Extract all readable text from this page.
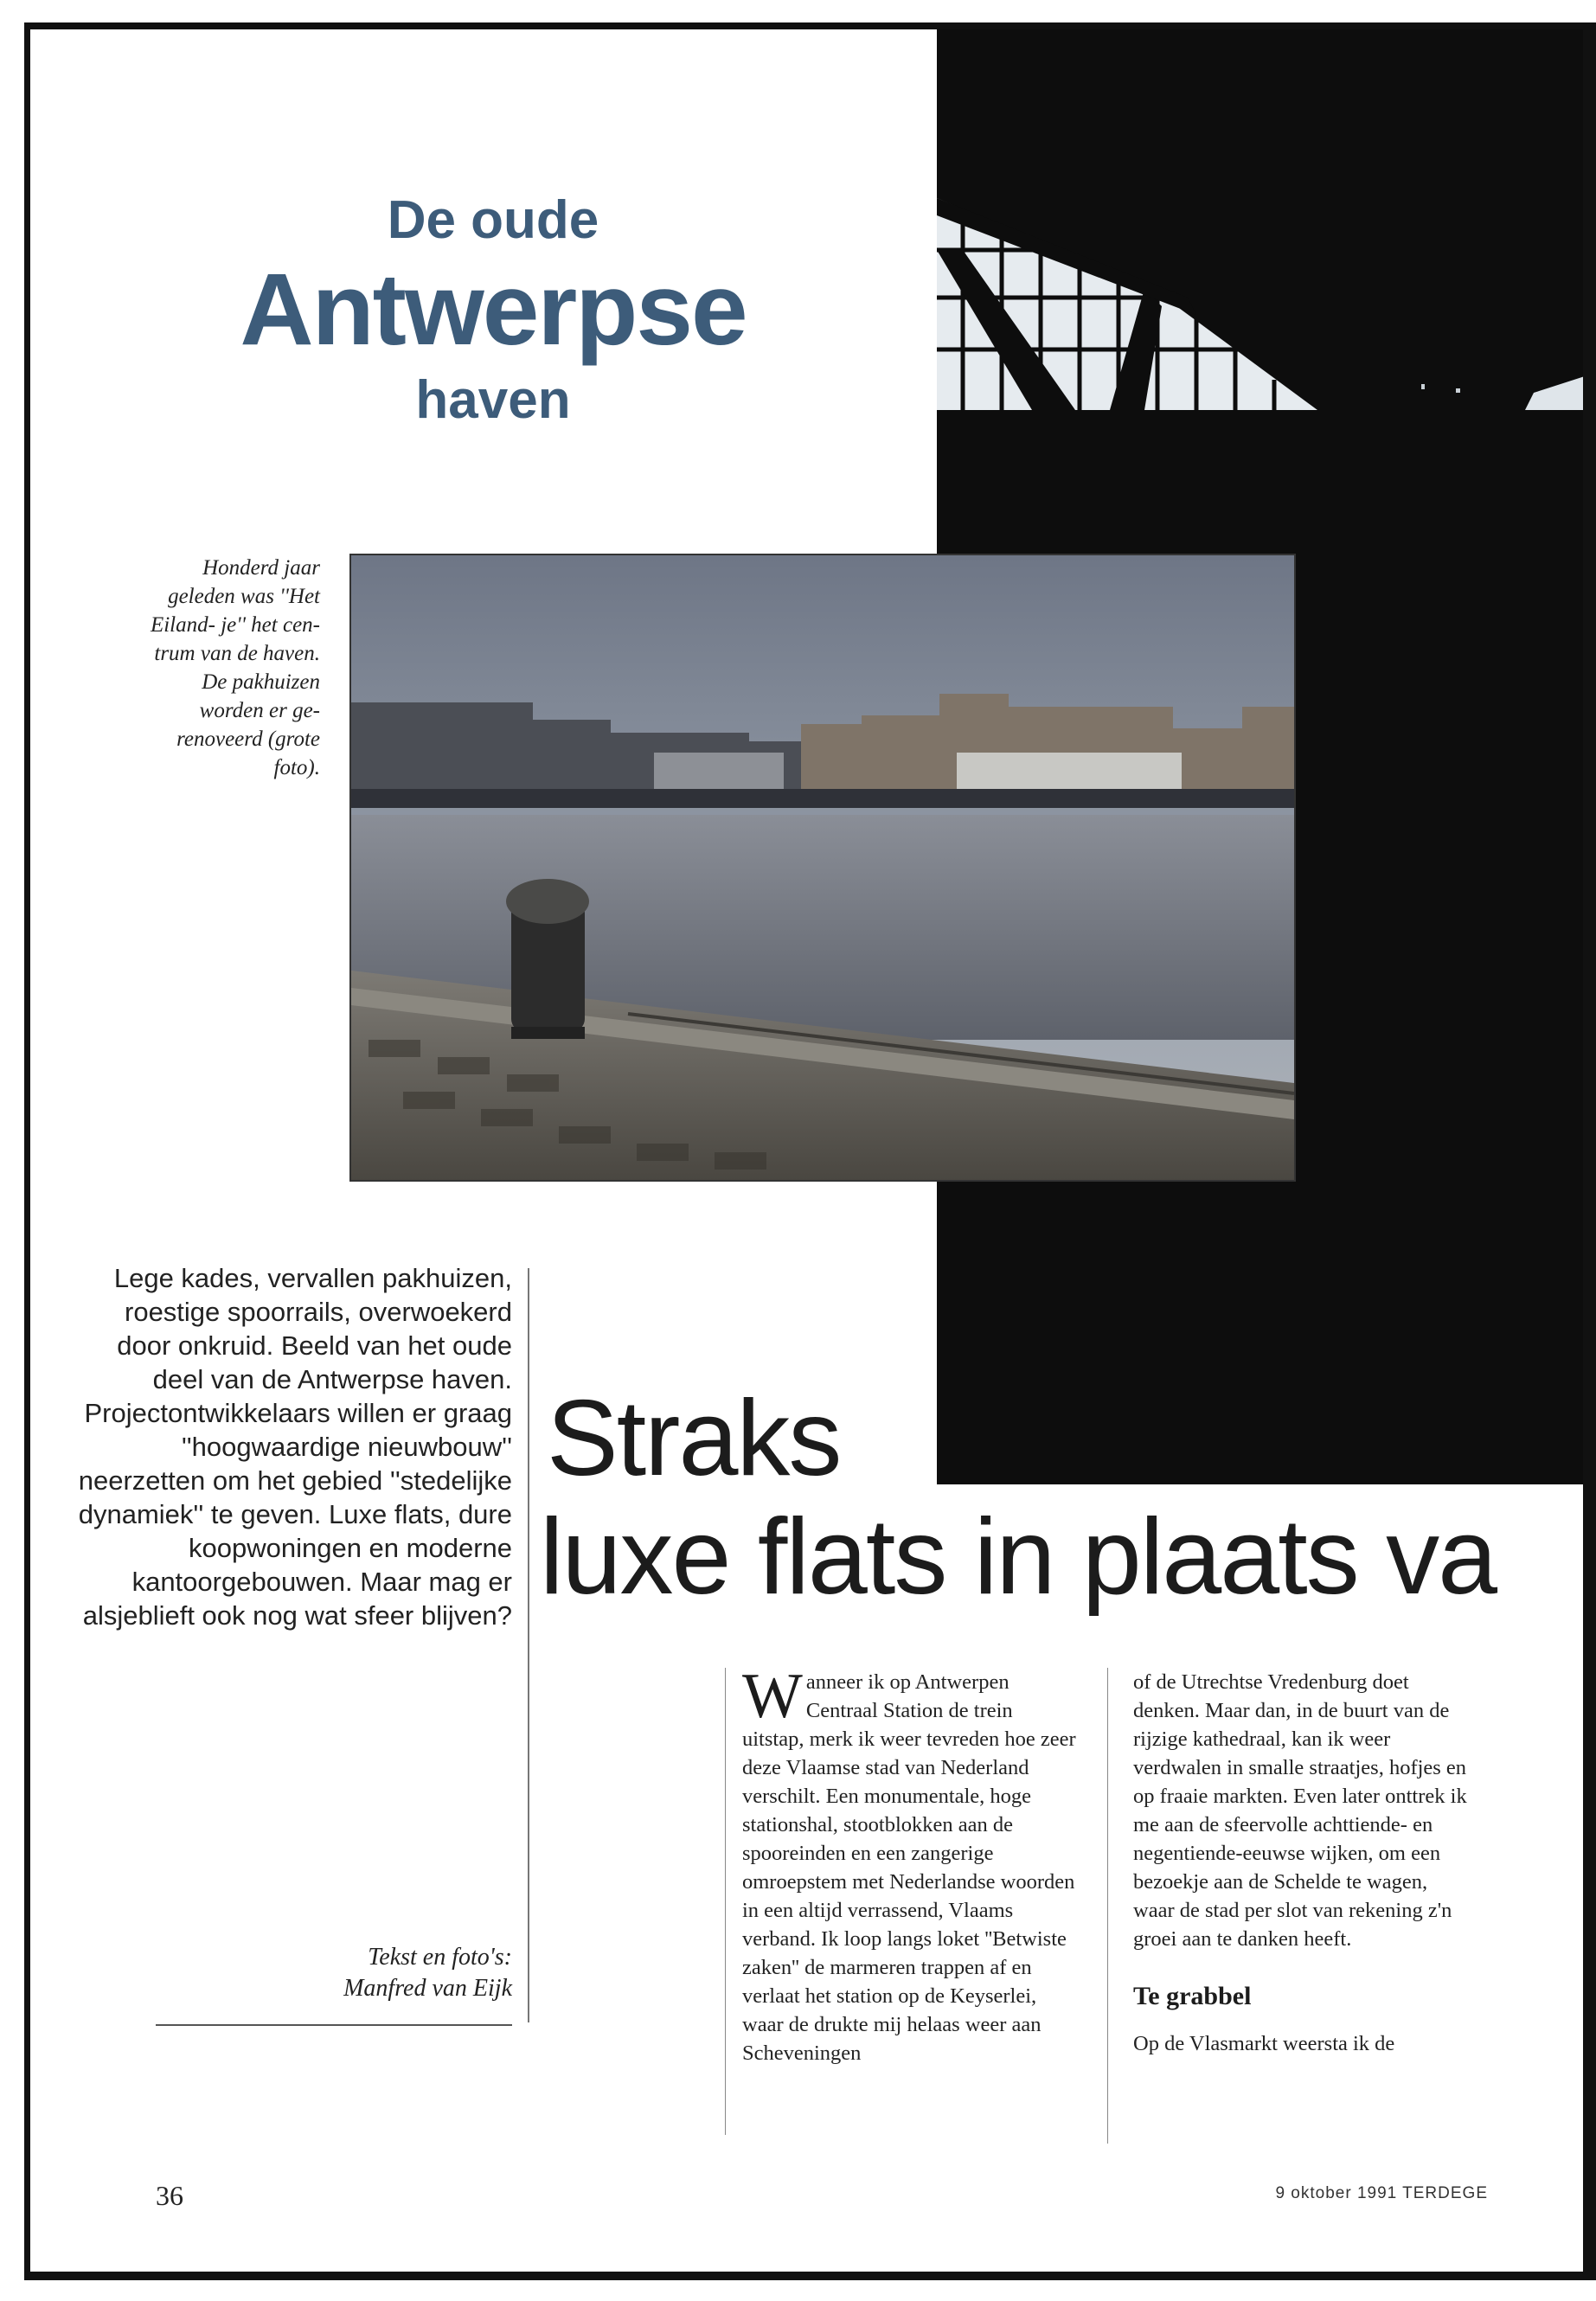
De oude
Antwerpse
haven
Honderd jaar geleden was ''Het Eiland- je'' het cen- trum van de haven. De pakhuizen worden er ge- renoveerd (grote foto).
Lege kades, vervallen pakhuizen, roestige spoorrails, overwoekerd door onkruid. Beeld van het oude deel van de Antwerpse haven. Projectontwikkelaars willen er graag ''hoogwaardige nieuwbouw'' neerzetten om het gebied ''stedelijke dynamiek'' te geven. Luxe flats, dure koopwoningen en moderne kantoorgebouwen. Maar mag er alsjeblieft ook nog wat sfeer blijven?
Tekst en foto's:
Manfred van Eijk
Straks
luxe flats in plaats va
Wanneer ik op Antwerpen Centraal Station de trein uitstap, merk ik weer tevreden hoe zeer deze Vlaamse stad van Nederland verschilt. Een monumentale, hoge stationshal, stootblokken aan de spooreinden en een zangerige omroepstem met Nederlandse woorden in een altijd verrassend, Vlaams verband. Ik loop langs loket ''Betwiste zaken'' de marmeren trappen af en verlaat het station op de Keyserlei, waar de drukte mij helaas weer aan Scheveningen
of de Utrechtse Vredenburg doet denken. Maar dan, in de buurt van de rijzige kathedraal, kan ik weer verdwalen in smalle straatjes, hofjes en op fraaie markten. Even later onttrek ik me aan de sfeervolle achttiende- en negentiende-eeuwse wijken, om een bezoekje aan de Schelde te wagen, waar de stad per slot van rekening z'n groei aan te danken heeft.
Te grabbel
Op de Vlasmarkt weerstа ik de
36	9 oktober 1991 TERDEGE
